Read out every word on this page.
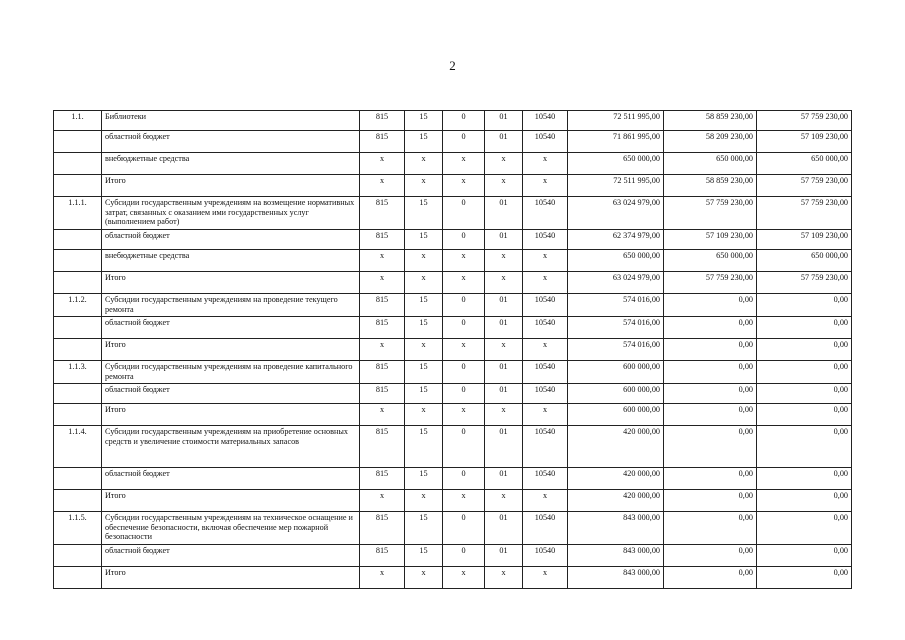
2
1.1.	Библиотеки	815	15	0	01	10540	72 511 995,00	58 859 230,00	57 759 230,00
	областной бюджет	815	15	0	01	10540	71 861 995,00	58 209 230,00	57 109 230,00
	внебюджетные средства	x	x	x	x	x	650 000,00	650 000,00	650 000,00
	Итого	x	x	x	x	x	72 511 995,00	58 859 230,00	57 759 230,00
1.1.1.	Субсидии государственным учреждениям на возмещение нормативных затрат, связанных с оказанием ими государственных услуг (выполнением работ)	815	15	0	01	10540	63 024 979,00	57 759 230,00	57 759 230,00
	областной бюджет	815	15	0	01	10540	62 374 979,00	57 109 230,00	57 109 230,00
	внебюджетные средства	x	x	x	x	x	650 000,00	650 000,00	650 000,00
	Итого	x	x	x	x	x	63 024 979,00	57 759 230,00	57 759 230,00
1.1.2.	Субсидии государственным учреждениям на проведение текущего ремонта	815	15	0	01	10540	574 016,00	0,00	0,00
	областной бюджет	815	15	0	01	10540	574 016,00	0,00	0,00
	Итого	x	x	x	x	x	574 016,00	0,00	0,00
1.1.3.	Субсидии государственным учреждениям на проведение капитального ремонта	815	15	0	01	10540	600 000,00	0,00	0,00
	областной бюджет	815	15	0	01	10540	600 000,00	0,00	0,00
	Итого	x	x	x	x	x	600 000,00	0,00	0,00
1.1.4.	Субсидии государственным учреждениям на приобретение основных средств и увеличение стоимости материальных запасов	815	15	0	01	10540	420 000,00	0,00	0,00
	областной бюджет	815	15	0	01	10540	420 000,00	0,00	0,00
	Итого	x	x	x	x	x	420 000,00	0,00	0,00
1.1.5.	Субсидии государственным учреждениям на техническое оснащение и обеспечение безопасности, включая обеспечение мер пожарной безопасности	815	15	0	01	10540	843 000,00	0,00	0,00
	областной бюджет	815	15	0	01	10540	843 000,00	0,00	0,00
	Итого	x	x	x	x	x	843 000,00	0,00	0,00
